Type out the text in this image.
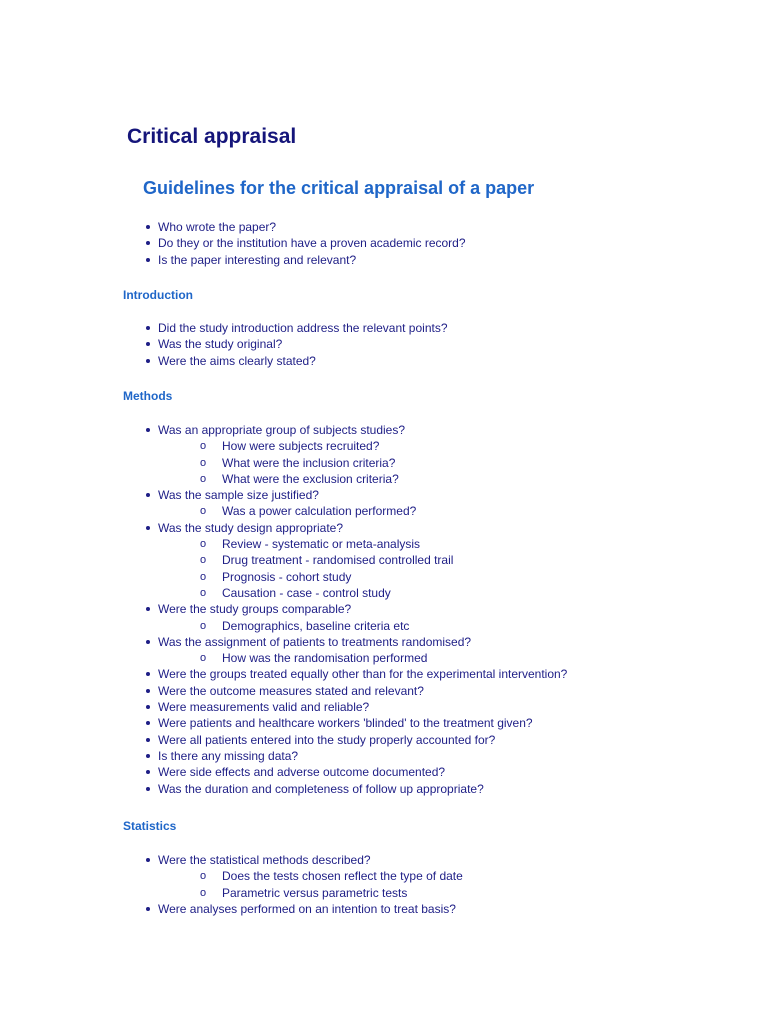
Critical appraisal
Guidelines for the critical appraisal of a paper
Who wrote the paper?
Do they or the institution have a proven academic record?
Is the paper interesting and relevant?
Introduction
Did the study introduction address the relevant points?
Was the study original?
Were the aims clearly stated?
Methods
Was an appropriate group of subjects studies?
o How were subjects recruited?
o What were the inclusion criteria?
o What were the exclusion criteria?
Was the sample size justified?
o Was a power calculation performed?
Was the study design appropriate?
o Review - systematic or meta-analysis
o Drug treatment - randomised controlled trail
o Prognosis - cohort study
o Causation - case - control study
Were the study groups comparable?
o Demographics, baseline criteria etc
Was the assignment of patients to treatments randomised?
o How was the randomisation performed
Were the groups treated equally other than for the experimental intervention?
Were the outcome measures stated and relevant?
Were measurements valid and reliable?
Were patients and healthcare workers 'blinded' to the treatment given?
Were all patients entered into the study properly accounted for?
Is there any missing data?
Were side effects and adverse outcome documented?
Was the duration and completeness of follow up appropriate?
Statistics
Were the statistical methods described?
o Does the tests chosen reflect the type of date
o Parametric versus parametric tests
Were analyses performed on an intention to treat basis?
